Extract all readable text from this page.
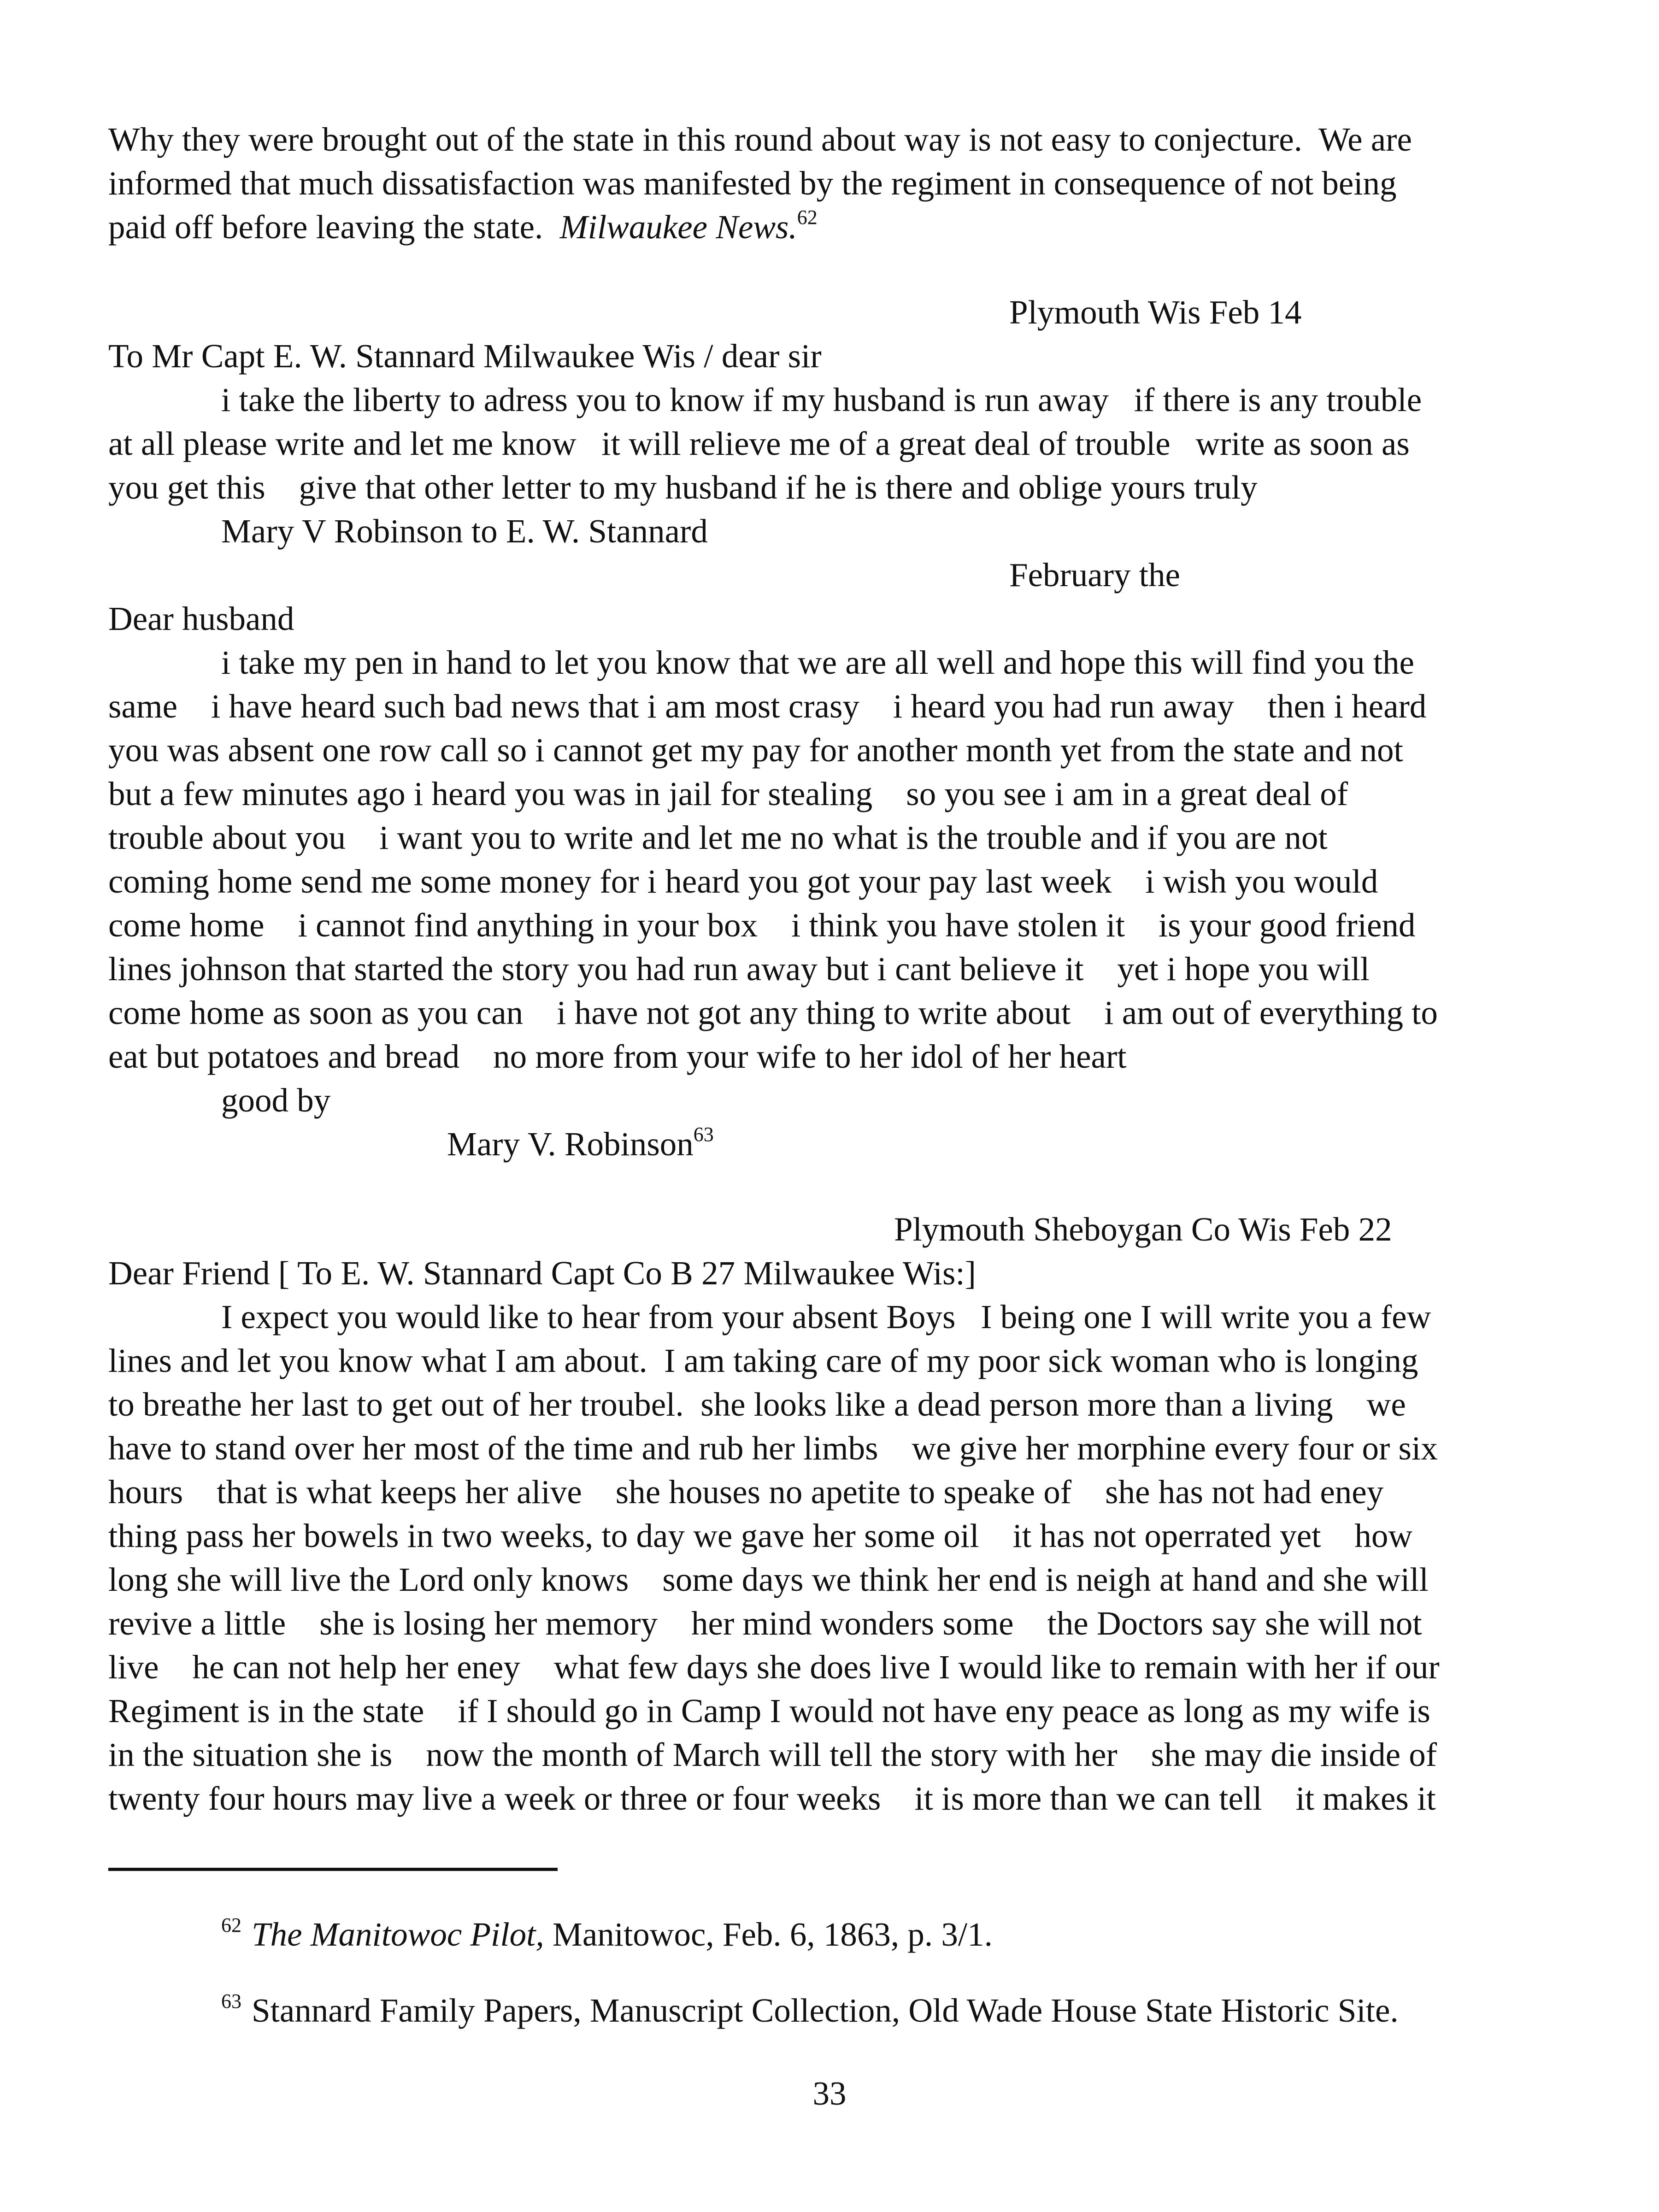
Why they were brought out of the state in this round about way is not easy to conjecture.  We are
informed that much dissatisfaction was manifested by the regiment in consequence of not being
paid off before leaving the state.  Milwaukee News.$^{62}$
Plymouth Wis Feb 14
To Mr Capt E. W. Stannard Milwaukee Wis / dear sir
i take the liberty to adress you to know if my husband is run away   if there is any trouble
at all please write and let me know   it will relieve me of a great deal of trouble   write as soon as
you get this    give that other letter to my husband if he is there and oblige yours truly
Mary V Robinson to E. W. Stannard
February the
Dear husband
i take my pen in hand to let you know that we are all well and hope this will find you the
same    i have heard such bad news that i am most crasy    i heard you had run away    then i heard
you was absent one row call so i cannot get my pay for another month yet from the state and not
but a few minutes ago i heard you was in jail for stealing    so you see i am in a great deal of
trouble about you    i want you to write and let me no what is the trouble and if you are not
coming home send me some money for i heard you got your pay last week    i wish you would
come home    i cannot find anything in your box    i think you have stolen it    is your good friend
lines johnson that started the story you had run away but i cant believe it    yet i hope you will
come home as soon as you can    i have not got any thing to write about    i am out of everything to
eat but potatoes and bread    no more from your wife to her idol of her heart
good by
Mary V. Robinson$^{63}$
Plymouth Sheboygan Co Wis Feb 22
Dear Friend [ To E. W. Stannard Capt Co B 27 Milwaukee Wis:]
I expect you would like to hear from your absent Boys   I being one I will write you a few
lines and let you know what I am about.  I am taking care of my poor sick woman who is longing
to breathe her last to get out of her troubel.  she looks like a dead person more than a living    we
have to stand over her most of the time and rub her limbs    we give her morphine every four or six
hours    that is what keeps her alive    she houses no apetite to speake of    she has not had eney
thing pass her bowels in two weeks, to day we gave her some oil    it has not operrated yet    how
long she will live the Lord only knows    some days we think her end is neigh at hand and she will
revive a little    she is losing her memory    her mind wonders some    the Doctors say she will not
live    he can not help her eney    what few days she does live I would like to remain with her if our
Regiment is in the state    if I should go in Camp I would not have eny peace as long as my wife is
in the situation she is    now the month of March will tell the story with her    she may die inside of
twenty four hours may live a week or three or four weeks    it is more than we can tell    it makes it
$^{62}$ The Manitowoc Pilot, Manitowoc, Feb. 6, 1863, p. 3/1.
$^{63}$ Stannard Family Papers, Manuscript Collection, Old Wade House State Historic Site.
33
